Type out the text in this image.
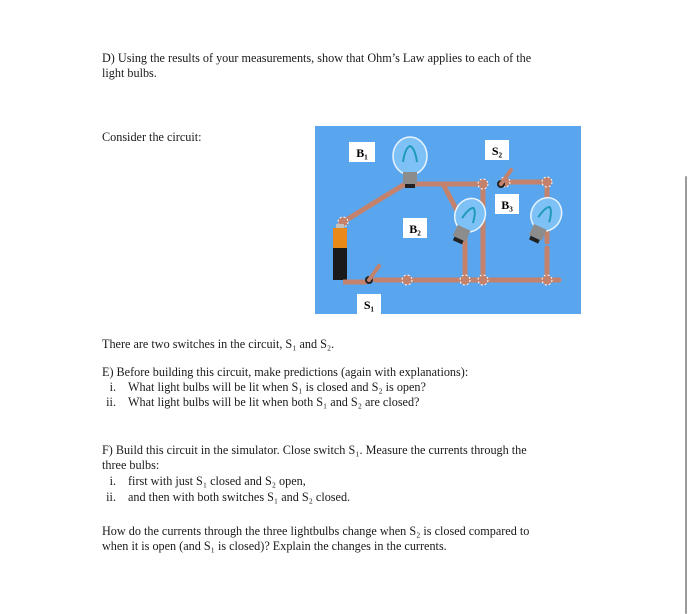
D) Using the results of your measurements, show that Ohm’s Law applies to each of the

light bulbs.

Consider the circuit:
B₁	S₂
B₃
B₂
S₁
There are two switches in the circuit, S₁ and S₂.
E) Before building this circuit, make predictions (again with explanations):
i. What light bulbs will be lit when S₁ is closed and S₂ is open?
ii. What light bulbs will be lit when both S₁ and S₂ are closed?

F) Build this circuit in the simulator. Close switch S₁. Measure the currents through the

three bulbs:

i. first with just S₁ closed and S₂ open,
ii. and then with both switches S₁ and S₂ closed.

How do the currents through the three lightbulbs change when S₂ is closed compared to

when it is open (and S₁ is closed)? Explain the changes in the currents.
